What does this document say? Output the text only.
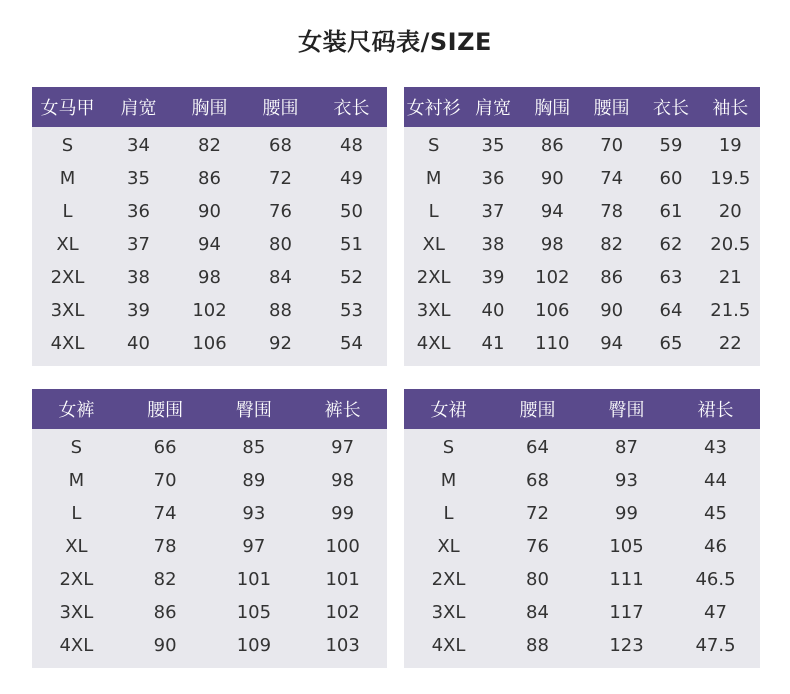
女装尺码表/SIZE
女马甲	肩宽	胸围	腰围	衣长
S	34	82	68	48
M	35	86	72	49
L	36	90	76	50
XL	37	94	80	51
2XL	38	98	84	52
3XL	39	102	88	53
4XL	40	106	92	54

女衬衫	肩宽	胸围	腰围	衣长	袖长
S	35	86	70	59	19
M	36	90	74	60	19.5
L	37	94	78	61	20
XL	38	98	82	62	20.5
2XL	39	102	86	63	21
3XL	40	106	90	64	21.5
4XL	41	110	94	65	22

女裤	腰围	臀围	裤长
S	66	85	97
M	70	89	98
L	74	93	99
XL	78	97	100
2XL	82	101	101
3XL	86	105	102
4XL	90	109	103

女裙	腰围	臀围	裙长
S	64	87	43
M	68	93	44
L	72	99	45
XL	76	105	46
2XL	80	111	46.5
3XL	84	117	47
4XL	88	123	47.5
